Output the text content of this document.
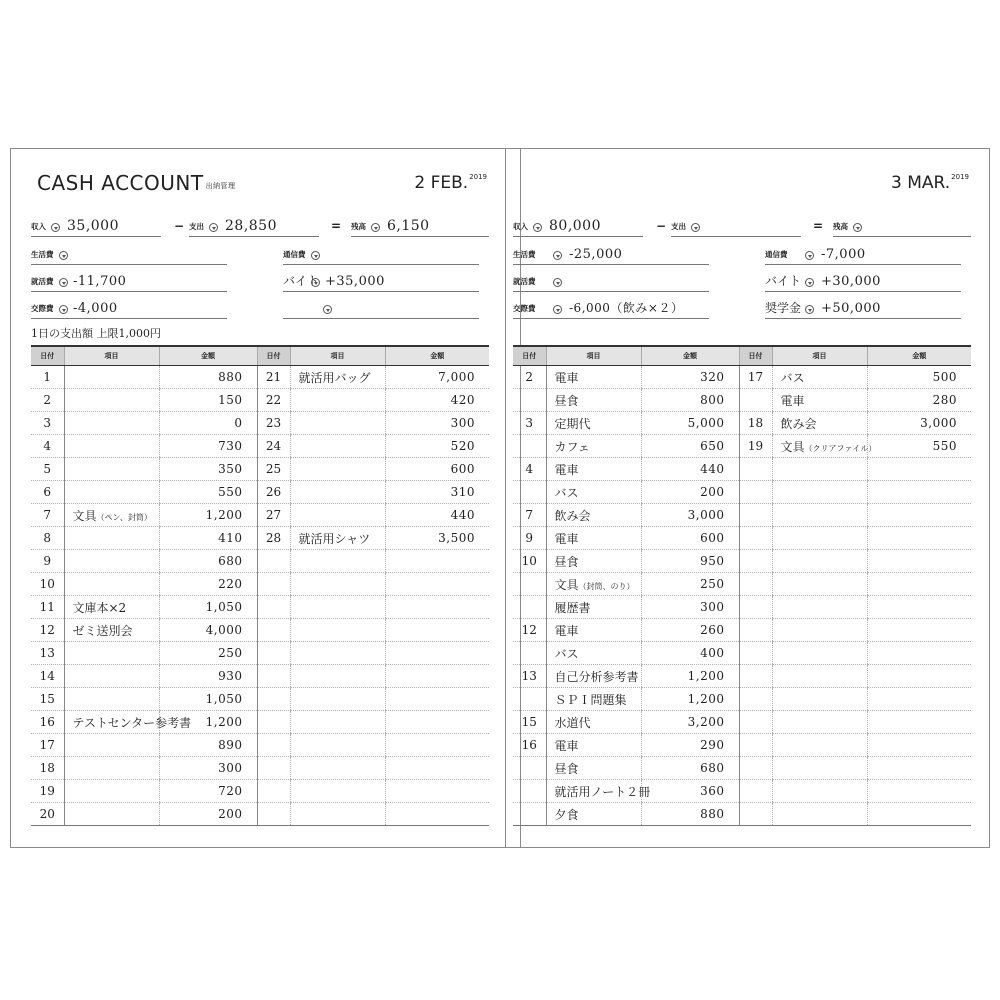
CASH ACCOUNT 出納管理	2 FEB.$^{2019}$
収入 35,000	− 支出 28,850	= 残高 6,150
生活費	通信費
就活費 -11,700	バイト +35,000
交際費 -4,000
1日の支出額 上限1,000円
日付	項目	金額	日付	項目	金額
1		880	21	就活用バッグ	7,000
2		150	22		420
3		0	23		300
4		730	24		520
5		350	25		600
6		550	26		310
7	文具（ペン、封筒）	1,200	27		440
8		410	28	就活用シャツ	3,500
9		680			
10		220			
11	文庫本×2	1,050			
12	ゼミ送別会	4,000			
13		250			
14		930			
15		1,050			
16	テストセンター参考書	1,200			
17		890			
18		300			
19		720			
20		200			
3 MAR.$^{2019}$
収入 80,000	− 支出	= 残高
生活費	-25,000	通信費	-7,000
就活費	バイト +30,000
交際費	-6,000（飲み×２）	奨学金 +50,000
日付	項目	金額	日付	項目	金額
2	電車	320	17	バス	500
	昼食	800		電車	280
3	定期代	5,000	18	飲み会	3,000
	カフェ	650	19	文具（クリアファイル）	550
4	電車	440			
	バス	200			
7	飲み会	3,000			
9	電車	600			
10	昼食	950			
	文具（封筒、のり）	250			
	履歴書	300			
12	電車	260			
	バス	400			
13	自己分析参考書	1,200			
	ＳＰＩ問題集	1,200			
15	水道代	3,200			
16	電車	290			
	昼食	680			
	就活用ノート２冊	360			
	夕食	880			
